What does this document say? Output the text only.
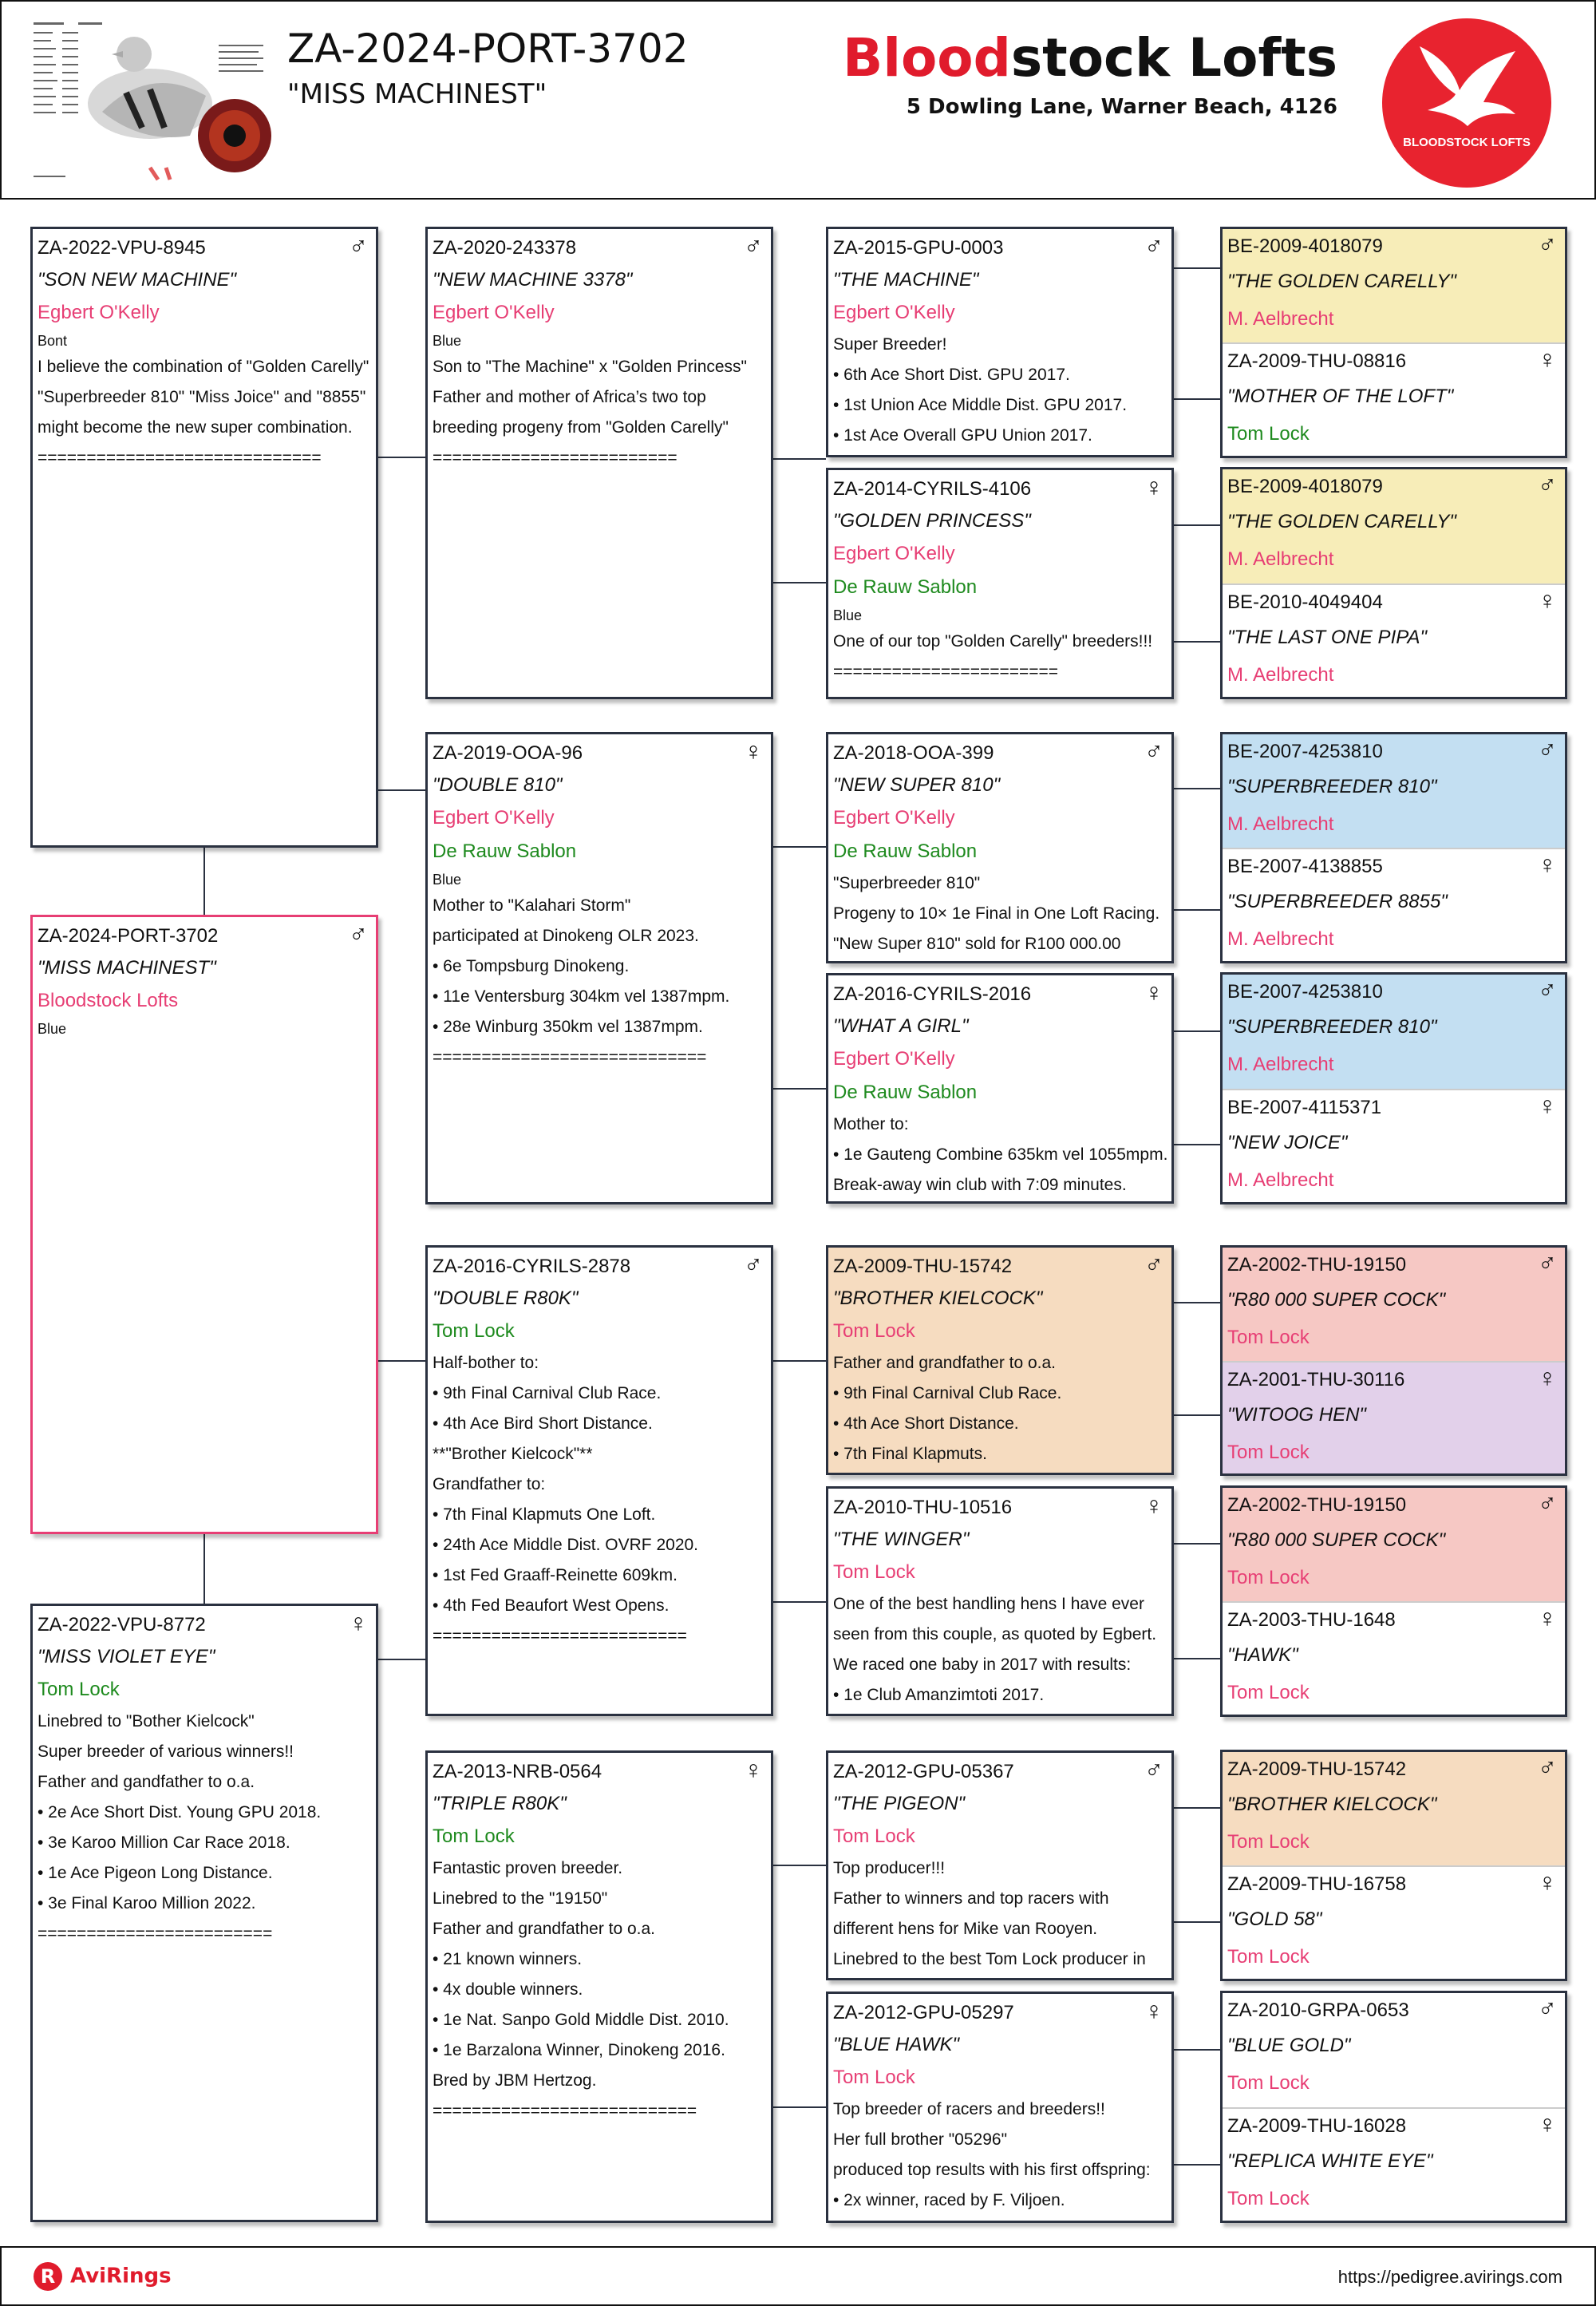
ZA-2024-PORT-3702
"MISS MACHINEST"
Bloodstock Lofts
5 Dowling Lane, Warner Beach, 4126
BLOODSTOCK LOFTS
ZA-2022-VPU-8945
"SON NEW MACHINE"
Egbert O'Kelly
Bont
I believe the combination of "Golden Carelly"
"Superbreeder 810" "Miss Joice" and "8855"
might become the new super combination.
=============================
♂
ZA-2024-PORT-3702
"MISS MACHINEST"
Bloodstock Lofts
Blue
♂
ZA-2022-VPU-8772
"MISS VIOLET EYE"
Tom Lock
Linebred to "Bother Kielcock"
Super breeder of various winners!!
Father and gandfather to o.a.
• 2e Ace Short Dist. Young GPU 2018.
• 3e Karoo Million Car Race 2018.
• 1e Ace Pigeon Long Distance.
• 3e Final Karoo Million 2022.
========================
♀
ZA-2020-243378
"NEW MACHINE 3378"
Egbert O'Kelly
Blue
Son to "The Machine" x "Golden Princess"
Father and mother of Africa’s two top
breeding progeny from "Golden Carelly"
=========================
♂
ZA-2019-OOA-96
"DOUBLE 810"
Egbert O'Kelly
De Rauw Sablon
Blue
Mother to "Kalahari Storm"
participated at Dinokeng OLR 2023.
• 6e Tompsburg Dinokeng.
• 11e Ventersburg 304km vel 1387mpm.
• 28e Winburg 350km vel 1387mpm.
============================
♀
ZA-2016-CYRILS-2878
"DOUBLE R80K"
Tom Lock
Half-bother to:
• 9th Final Carnival Club Race.
• 4th Ace Bird Short Distance.
**"Brother Kielcock"**
Grandfather to:
• 7th Final Klapmuts One Loft.
• 24th Ace Middle Dist. OVRF 2020.
• 1st Fed Graaff-Reinette 609km.
• 4th Fed Beaufort West Opens.
==========================
♂
ZA-2013-NRB-0564
"TRIPLE R80K"
Tom Lock
Fantastic proven breeder.
Linebred to the "19150"
Father and grandfather to o.a.
• 21 known winners.
• 4x double winners.
• 1e Nat. Sanpo Gold Middle Dist. 2010.
• 1e Barzalona Winner, Dinokeng 2016.
Bred by JBM Hertzog.
===========================
♀
ZA-2015-GPU-0003
"THE MACHINE"
Egbert O'Kelly
Super Breeder!
• 6th Ace Short Dist. GPU 2017.
• 1st Union Ace Middle Dist. GPU 2017.
• 1st Ace Overall GPU Union 2017.
♂
ZA-2014-CYRILS-4106
"GOLDEN PRINCESS"
Egbert O'Kelly
De Rauw Sablon
Blue
One of our top "Golden Carelly" breeders!!!
=======================
♀
ZA-2018-OOA-399
"NEW SUPER 810"
Egbert O'Kelly
De Rauw Sablon
"Superbreeder 810"
Progeny to 10× 1e Final in One Loft Racing.
"New Super 810" sold for R100 000.00
♂
ZA-2016-CYRILS-2016
"WHAT A GIRL"
Egbert O'Kelly
De Rauw Sablon
Mother to:
• 1e Gauteng Combine 635km vel 1055mpm.
Break-away win club with 7:09 minutes.
♀
ZA-2009-THU-15742
"BROTHER KIELCOCK"
Tom Lock
Father and grandfather to o.a.
• 9th Final Carnival Club Race.
• 4th Ace Short Distance.
• 7th Final Klapmuts.
♂
ZA-2010-THU-10516
"THE WINGER"
Tom Lock
One of the best handling hens I have ever
seen from this couple, as quoted by Egbert.
We raced one baby in 2017 with results:
• 1e Club Amanzimtoti 2017.
♀
ZA-2012-GPU-05367
"THE PIGEON"
Tom Lock
Top producer!!!
Father to winners and top racers with
different hens for Mike van Rooyen.
Linebred to the best Tom Lock producer in
♂
ZA-2012-GPU-05297
"BLUE HAWK"
Tom Lock
Top breeder of racers and breeders!!
Her full brother "05296"
produced top results with his first offspring:
• 2x winner, raced by F. Viljoen.
♀
BE-2009-4018079
"THE GOLDEN CARELLY"
M. Aelbrecht
♂
ZA-2009-THU-08816
"MOTHER OF THE LOFT"
Tom Lock
♀
BE-2009-4018079
"THE GOLDEN CARELLY"
M. Aelbrecht
♂
BE-2010-4049404
"THE LAST ONE PIPA"
M. Aelbrecht
♀
BE-2007-4253810
"SUPERBREEDER 810"
M. Aelbrecht
♂
BE-2007-4138855
"SUPERBREEDER 8855"
M. Aelbrecht
♀
BE-2007-4253810
"SUPERBREEDER 810"
M. Aelbrecht
♂
BE-2007-4115371
"NEW JOICE"
M. Aelbrecht
♀
ZA-2002-THU-19150
"R80 000 SUPER COCK"
Tom Lock
♂
ZA-2001-THU-30116
"WITOOG HEN"
Tom Lock
♀
ZA-2002-THU-19150
"R80 000 SUPER COCK"
Tom Lock
♂
ZA-2003-THU-1648
"HAWK"
Tom Lock
♀
ZA-2009-THU-15742
"BROTHER KIELCOCK"
Tom Lock
♂
ZA-2009-THU-16758
"GOLD 58"
Tom Lock
♀
ZA-2010-GRPA-0653
"BLUE GOLD"
Tom Lock
♂
ZA-2009-THU-16028
"REPLICA WHITE EYE"
Tom Lock
♀
R AviRings	https://pedigree.avirings.com
